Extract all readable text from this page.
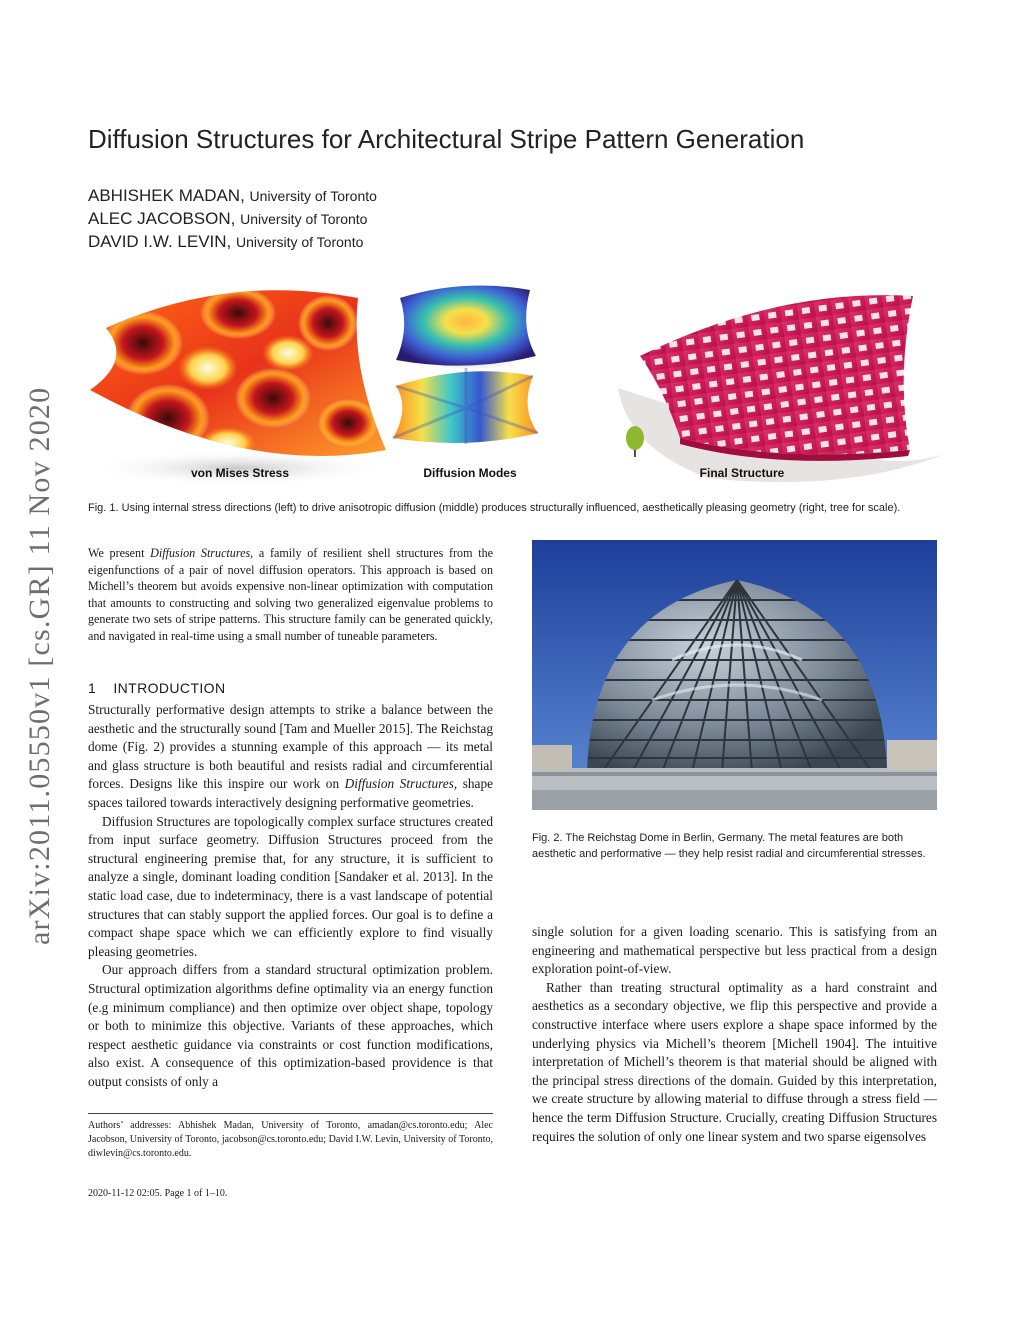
arXiv:2011.05550v1 [cs.GR] 11 Nov 2020
Diffusion Structures for Architectural Stripe Pattern Generation
ABHISHEK MADAN, University of Toronto
ALEC JACOBSON, University of Toronto
DAVID I.W. LEVIN, University of Toronto
von Mises Stress	Diffusion Modes	Final Structure
Fig. 1. Using internal stress directions (left) to drive anisotropic diffusion (middle) produces structurally influenced, aesthetically pleasing geometry (right, tree for scale).
We present Diffusion Structures, a family of resilient shell structures from the eigenfunctions of a pair of novel diffusion operators. This approach is based on Michell’s theorem but avoids expensive non-linear optimization with computation that amounts to constructing and solving two generalized eigenvalue problems to generate two sets of stripe patterns. This structure family can be generated quickly, and navigated in real-time using a small number of tuneable parameters.
1 INTRODUCTION

Structurally performative design attempts to strike a balance between the aesthetic and the structurally sound [Tam and Mueller 2015]. The Reichstag dome (Fig. 2) provides a stunning example of this approach — its metal and glass structure is both beautiful and resists radial and circumferential forces. Designs like this inspire our work on Diffusion Structures, shape spaces tailored towards interactively designing performative geometries.

Diffusion Structures are topologically complex surface structures created from input surface geometry. Diffusion Structures proceed from the structural engineering premise that, for any structure, it is sufficient to analyze a single, dominant loading condition [Sandaker et al. 2013]. In the static load case, due to indeterminacy, there is a vast landscape of potential structures that can stably support the applied forces. Our goal is to define a compact shape space which we can efficiently explore to find visually pleasing geometries.

Our approach differs from a standard structural optimization problem. Structural optimization algorithms define optimality via an energy function (e.g minimum compliance) and then optimize over object shape, topology or both to minimize this objective. Variants of these approaches, which respect aesthetic guidance via constraints or cost function modifications, also exist. A consequence of this optimization-based providence is that output consists of only a

Authors’ addresses: Abhishek Madan, University of Toronto, amadan@cs.toronto.edu; Alec Jacobson, University of Toronto, jacobson@cs.toronto.edu; David I.W. Levin, University of Toronto, diwlevin@cs.toronto.edu.
2020-11-12 02:05. Page 1 of 1–10.
Fig. 2. The Reichstag Dome in Berlin, Germany. The metal features are both aesthetic and performative — they help resist radial and circumferential stresses.

single solution for a given loading scenario. This is satisfying from an engineering and mathematical perspective but less practical from a design exploration point-of-view.

Rather than treating structural optimality as a hard constraint and aesthetics as a secondary objective, we flip this perspective and provide a constructive interface where users explore a shape space informed by the underlying physics via Michell’s theorem [Michell 1904]. The intuitive interpretation of Michell’s theorem is that material should be aligned with the principal stress directions of the domain. Guided by this interpretation, we create structure by allowing material to diffuse through a stress field — hence the term Diffusion Structure. Crucially, creating Diffusion Structures requires the solution of only one linear system and two sparse eigensolves
